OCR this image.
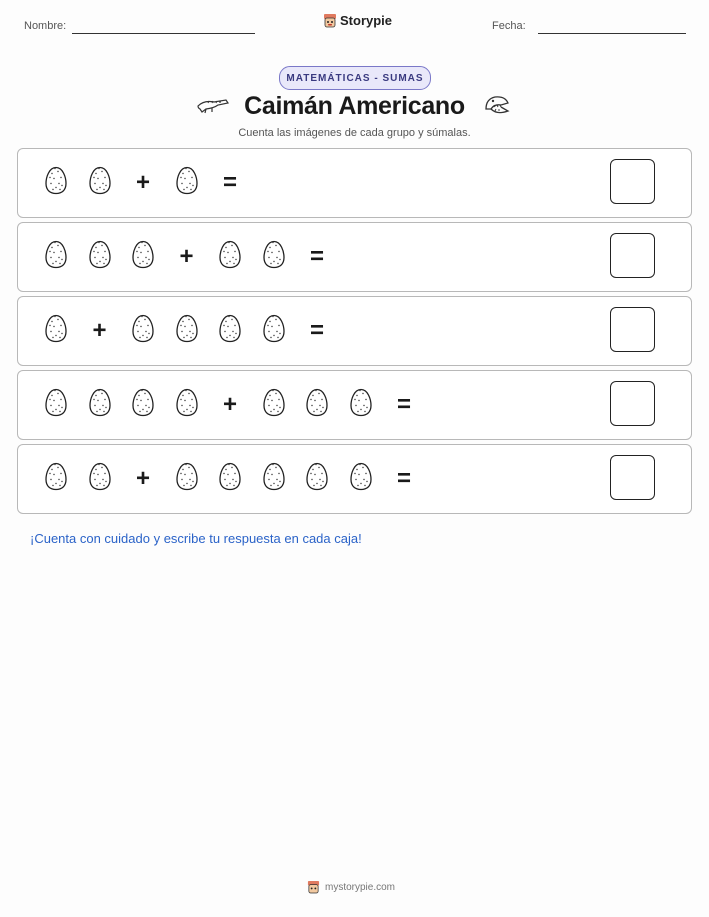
Nombre:	Storypie	Fecha:
MATEMÁTICAS - SUMAS
Caimán Americano
Cuenta las imágenes de cada grupo y súmalas.
+	=
+	=
+	=
+	=
+	=
¡Cuenta con cuidado y escribe tu respuesta en cada caja!
mystorypie.com
